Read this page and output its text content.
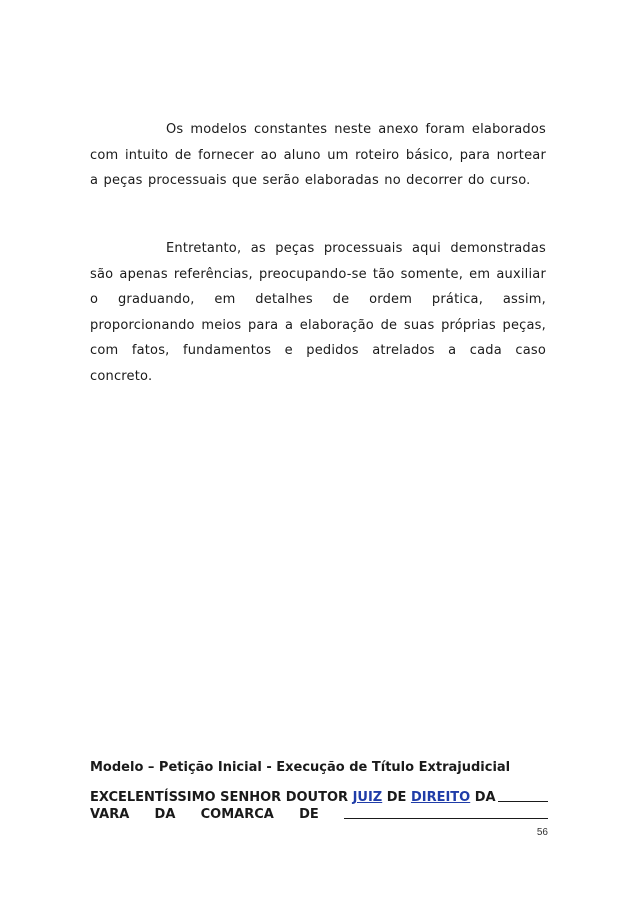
Os modelos constantes neste anexo foram elaborados com intuito de fornecer ao aluno um roteiro básico, para nortear a peças processuais que serão elaboradas no decorrer do curso.

Entretanto, as peças processuais aqui demonstradas são apenas referências, preocupando-se tão somente, em auxiliar o graduando, em detalhes de ordem prática, assim, proporcionando meios para a elaboração de suas próprias peças, com fatos, fundamentos e pedidos atrelados a cada caso concreto.

Modelo – Petição Inicial - Execução de Título Extrajudicial
EXCELENTÍSSIMO SENHOR DOUTOR JUIZ DE DIREITO DA
VARA DA COMARCA DE
56
